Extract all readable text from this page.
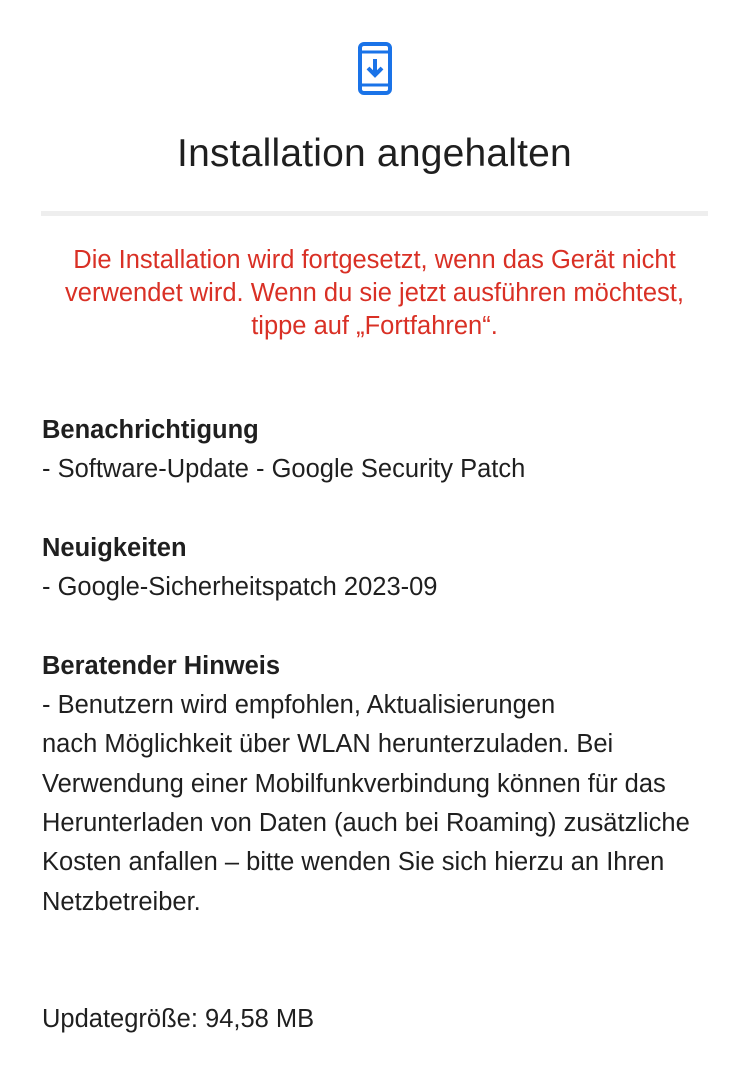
Installation angehalten
Die Installation wird fortgesetzt, wenn das Gerät nicht verwendet wird. Wenn du sie jetzt ausführen möchtest, tippe auf „Fortfahren“.
Benachrichtigung
- Software-Update - Google Security Patch
Neuigkeiten
- Google-Sicherheitspatch 2023-09
Beratender Hinweis
- Benutzern wird empfohlen, Aktualisierungen
nach Möglichkeit über WLAN herunterzuladen. Bei Verwendung einer Mobilfunkverbindung können für das Herunterladen von Daten (auch bei Roaming) zusätzliche Kosten anfallen – bitte wenden Sie sich hierzu an Ihren Netzbetreiber.
Updategröße: 94,58 MB
